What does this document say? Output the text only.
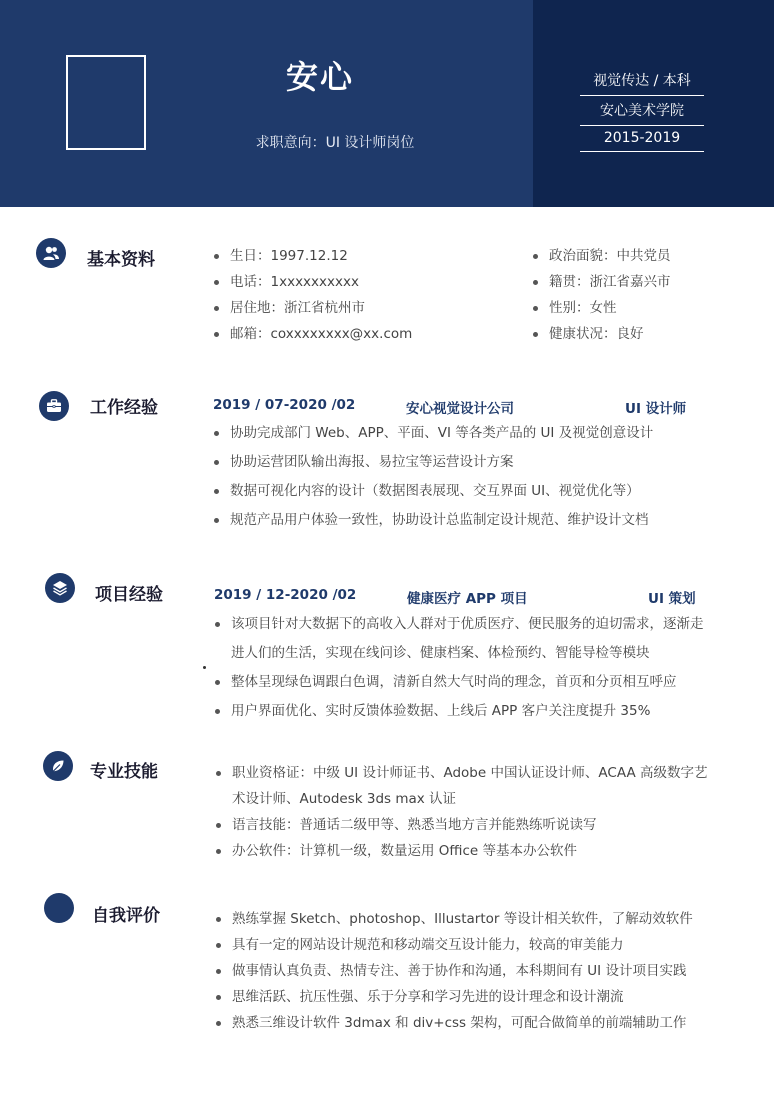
安心
求职意向：UI 设计师岗位
视觉传达 / 本科
安心美术学院
2015-2019
基本资料	生日：1997.12.12
电话：1xxxxxxxxxx
居住地：浙江省杭州市
邮箱：coxxxxxxxx@xx.com
政治面貌：中共党员
籍贯：浙江省嘉兴市
性别：女性
健康状况：良好
工作经验	2019 / 07-2020 /02	安心视觉设计公司	UI 设计师
协助完成部门 Web、APP、平面、VI 等各类产品的 UI 及视觉创意设计
协助运营团队输出海报、易拉宝等运营设计方案
数据可视化内容的设计（数据图表展现、交互界面 UI、视觉优化等）
规范产品用户体验一致性，协助设计总监制定设计规范、维护设计文档
项目经验	2019 / 12-2020 /02	健康医疗 APP 项目	UI 策划
该项目针对大数据下的高收入人群对于优质医疗、便民服务的迫切需求，逐渐走进人们的生活，实现在线问诊、健康档案、体检预约、智能导检等模块
整体呈现绿色调跟白色调，清新自然大气时尚的理念，首页和分页相互呼应
用户界面优化、实时反馈体验数据、上线后 APP 客户关注度提升 35%
专业技能	职业资格证：中级 UI 设计师证书、Adobe 中国认证设计师、ACAA 高级数字艺术设计师、Autodesk 3ds max 认证
语言技能：普通话二级甲等、熟悉当地方言并能熟练听说读写
办公软件：计算机一级，数量运用 Office 等基本办公软件
自我评价	熟练掌握 Sketch、photoshop、Illustartor 等设计相关软件，了解动效软件
具有一定的网站设计规范和移动端交互设计能力，较高的审美能力
做事情认真负责、热情专注、善于协作和沟通，本科期间有 UI 设计项目实践
思维活跃、抗压性强、乐于分享和学习先进的设计理念和设计潮流
熟悉三维设计软件 3dmax 和 div+css 架构，可配合做简单的前端辅助工作
